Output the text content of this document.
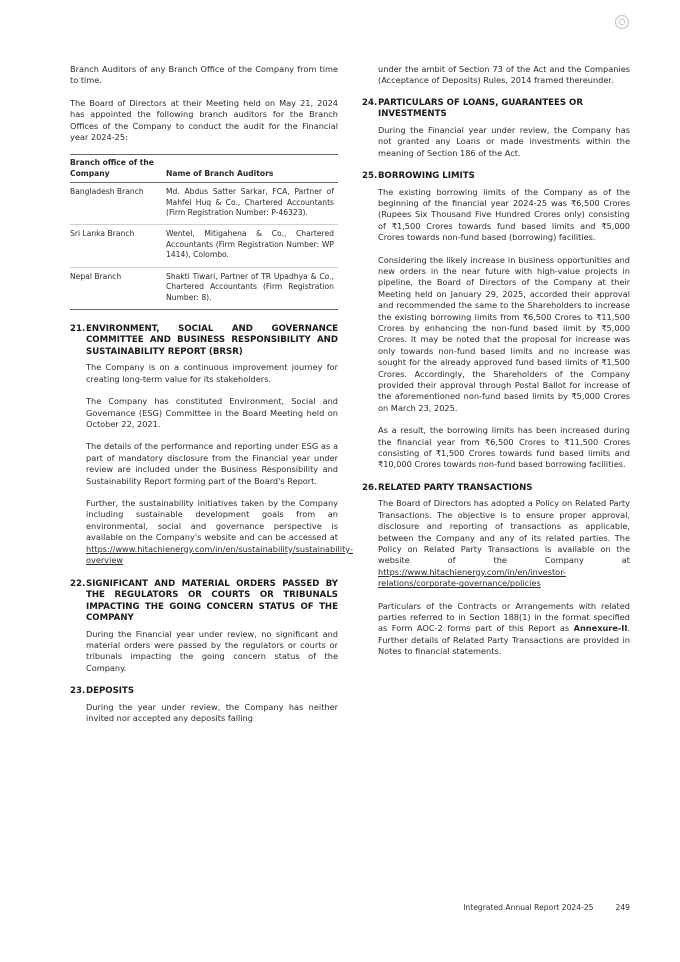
Branch Auditors of any Branch Office of the Company from time to time.

The Board of Directors at their Meeting held on May 21, 2024 has appointed the following branch auditors for the Branch Offices of the Company to conduct the audit for the Financial year 2024-25:

Branch office of the Company	Name of Branch Auditors
Bangladesh Branch	Md. Abdus Satter Sarkar, FCA, Partner of Mahfel Huq & Co., Chartered Accountants (Firm Registration Number: P-46323).
Sri Lanka Branch	Wentel, Mitigahena & Co., Chartered Accountants (Firm Registration Number: WP 1414), Colombo.
Nepal Branch	Shakti Tiwari, Partner of TR Upadhya & Co., Chartered Accountants (Firm Registration Number: 8).
21. ENVIRONMENT, SOCIAL AND GOVERNANCE COMMITTEE AND BUSINESS RESPONSIBILITY AND SUSTAINABILITY REPORT (BRSR)

The Company is on a continuous improvement journey for creating long-term value for its stakeholders.

The Company has constituted Environment, Social and Governance (ESG) Committee in the Board Meeting held on October 22, 2021.

The details of the performance and reporting under ESG as a part of mandatory disclosure from the Financial year under review are included under the Business Responsibility and Sustainability Report forming part of the Board's Report.

Further, the sustainability initiatives taken by the Company including sustainable development goals from an environmental, social and governance perspective is available on the Company's website and can be accessed at https://www.hitachienergy.com/in/en/sustainability/sustainability-overview

22. SIGNIFICANT AND MATERIAL ORDERS PASSED BY THE REGULATORS OR COURTS OR TRIBUNALS IMPACTING THE GOING CONCERN STATUS OF THE COMPANY

During the Financial year under review, no significant and material orders were passed by the regulators or courts or tribunals impacting the going concern status of the Company.

23. DEPOSITS

During the year under review, the Company has neither invited nor accepted any deposits falling

under the ambit of Section 73 of the Act and the Companies (Acceptance of Deposits) Rules, 2014 framed thereunder.

24. PARTICULARS OF LOANS, GUARANTEES OR INVESTMENTS

During the Financial year under review, the Company has not granted any Loans or made investments within the meaning of Section 186 of the Act.

25. BORROWING LIMITS

The existing borrowing limits of the Company as of the beginning of the financial year 2024-25 was ₹6,500 Crores (Rupees Six Thousand Five Hundred Crores only) consisting of ₹1,500 Crores towards fund based limits and ₹5,000 Crores towards non-fund based (borrowing) facilities.

Considering the likely increase in business opportunities and new orders in the near future with high-value projects in pipeline, the Board of Directors of the Company at their Meeting held on January 29, 2025, accorded their approval and recommended the same to the Shareholders to increase the existing borrowing limits from ₹6,500 Crores to ₹11,500 Crores by enhancing the non-fund based limit by ₹5,000 Crores. It may be noted that the proposal for increase was only towards non-fund based limits and no increase was sought for the already approved fund based limits of ₹1,500 Crores. Accordingly, the Shareholders of the Company provided their approval through Postal Ballot for increase of the aforementioned non-fund based limits by ₹5,000 Crores on March 23, 2025.

As a result, the borrowing limits has been increased during the financial year from ₹6,500 Crores to ₹11,500 Crores consisting of ₹1,500 Crores towards fund based limits and ₹10,000 Crores towards non-fund based borrowing facilities.

26. RELATED PARTY TRANSACTIONS

The Board of Directors has adopted a Policy on Related Party Transactions. The objective is to ensure proper approval, disclosure and reporting of transactions as applicable, between the Company and any of its related parties. The Policy on Related Party Transactions is available on the website of the Company at https://www.hitachienergy.com/in/en/investor-relations/corporate-governance/policies

Particulars of the Contracts or Arrangements with related parties referred to in Section 188(1) in the format specified as Form AOC-2 forms part of this Report as Annexure-II. Further details of Related Party Transactions are provided in Notes to financial statements.

Integrated Annual Report 2024-25	249
